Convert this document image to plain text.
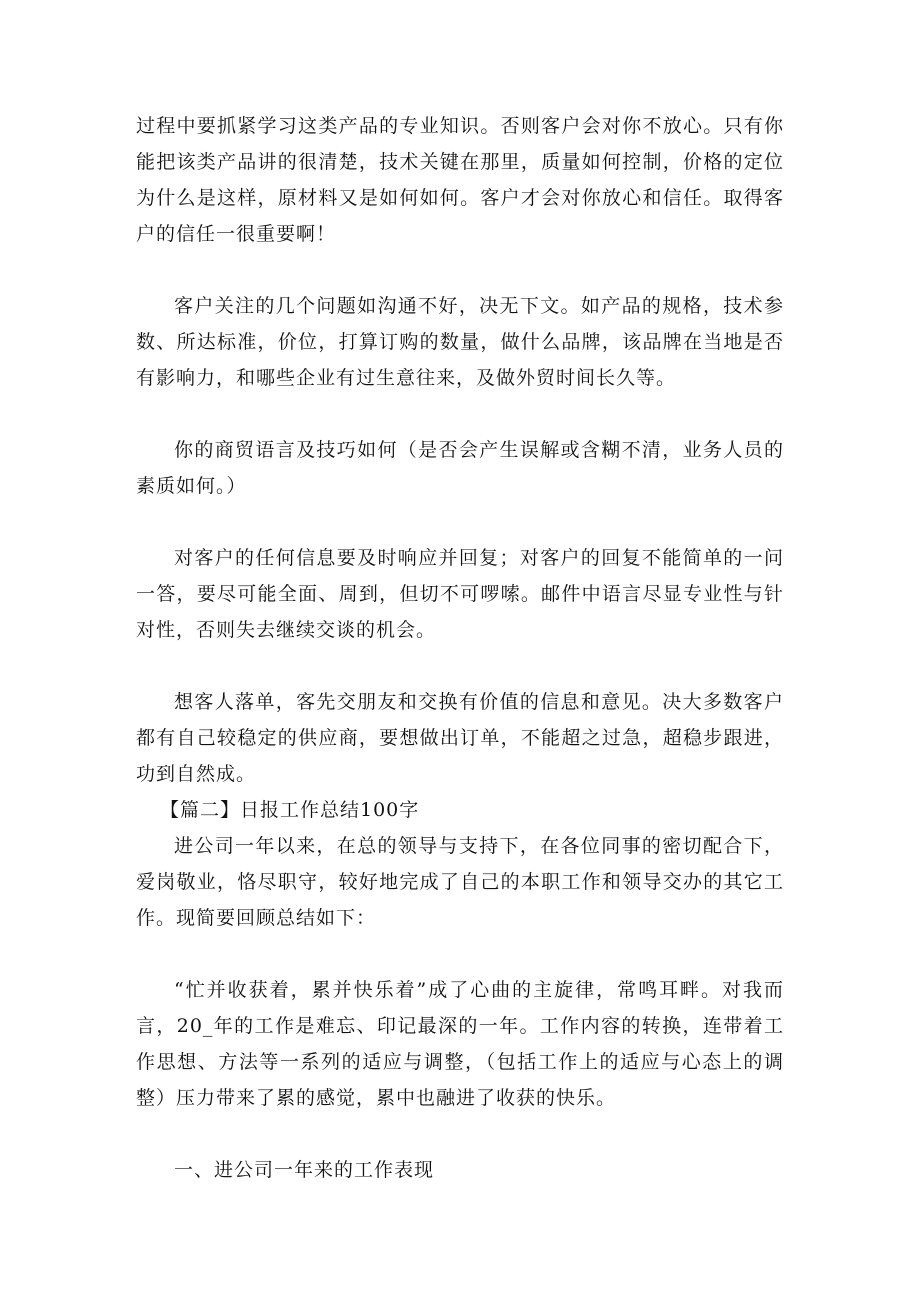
过程中要抓紧学习这类产品的专业知识。否则客户会对你不放心。只有你能把该类产品讲的很清楚，技术关键在那里，质量如何控制，价格的定位为什么是这样，原材料又是如何如何。客户才会对你放心和信任。取得客户的信任一很重要啊！

客户关注的几个问题如沟通不好，决无下文。如产品的规格，技术参数、所达标准，价位，打算订购的数量，做什么品牌，该品牌在当地是否有影响力，和哪些企业有过生意往来，及做外贸时间长久等。

你的商贸语言及技巧如何（是否会产生误解或含糊不清，业务人员的素质如何。）

对客户的任何信息要及时响应并回复；对客户的回复不能简单的一问一答，要尽可能全面、周到，但切不可啰嗦。邮件中语言尽显专业性与针对性，否则失去继续交谈的机会。

想客人落单，客先交朋友和交换有价值的信息和意见。决大多数客户都有自己较稳定的供应商，要想做出订单，不能超之过急，超稳步跟进，功到自然成。

【篇二】日报工作总结100字

进公司一年以来，在总的领导与支持下，在各位同事的密切配合下，爱岗敬业，恪尽职守，较好地完成了自己的本职工作和领导交办的其它工作。现简要回顾总结如下：

“忙并收获着，累并快乐着”成了心曲的主旋律，常鸣耳畔。对我而言，20_年的工作是难忘、印记最深的一年。工作内容的转换，连带着工作思想、方法等一系列的适应与调整，（包括工作上的适应与心态上的调整）压力带来了累的感觉，累中也融进了收获的快乐。

一、进公司一年来的工作表现
